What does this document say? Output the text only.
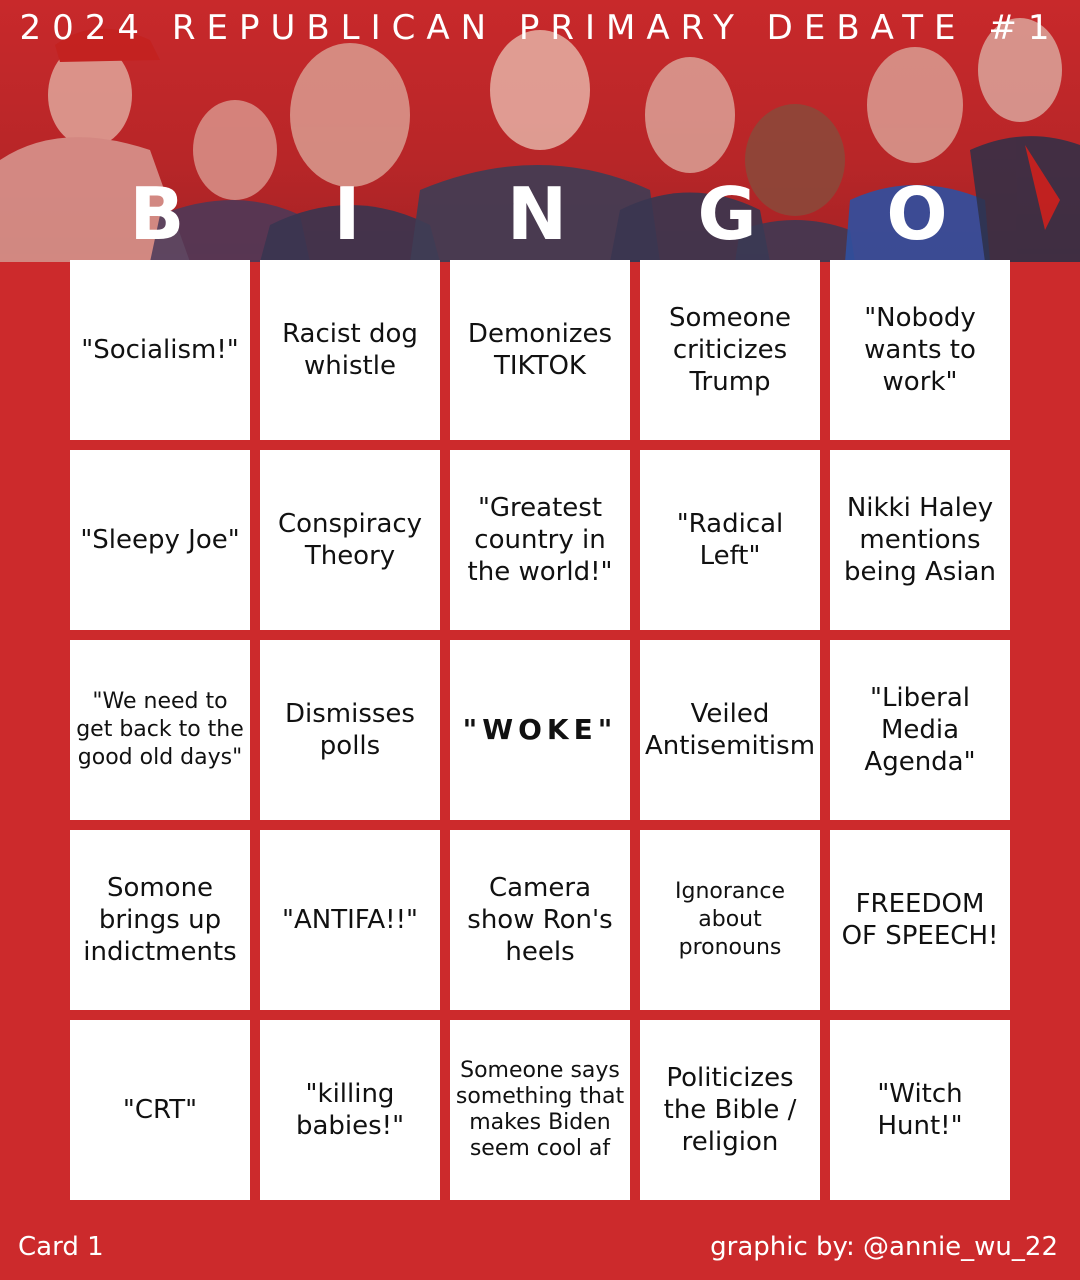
2024 REPUBLICAN PRIMARY DEBATE #1
B	I	N	G	O
"Socialism!"
Racist dog whistle
Demonizes TIKTOK
Someone criticizes Trump
"Nobody wants to work"
"Sleepy Joe"
Conspiracy Theory
"Greatest country in the world!"
"Radical Left"
Nikki Haley mentions being Asian
"We need to get back to the good old days"
Dismisses polls	"WOKE"	Veiled Antisemitism
"Liberal Media Agenda"
Somone brings up indictments
"ANTIFA!!"
Camera show Ron's heels
Ignorance about pronouns
FREEDOM OF SPEECH!
"CRT"
"killing babies!"
Someone says something that makes Biden seem cool af
Politicizes the Bible / religion
"Witch Hunt!"
Card 1	graphic by: @annie_wu_22
